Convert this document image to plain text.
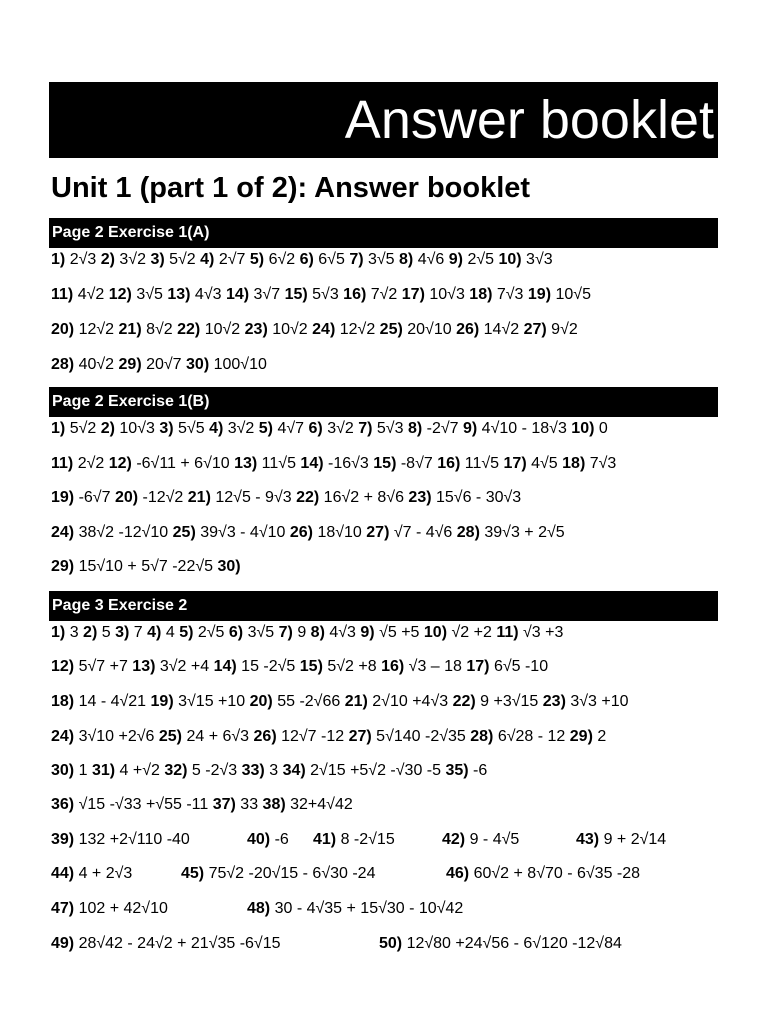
Answer booklet
Unit 1 (part 1 of 2): Answer booklet
Page 2 Exercise 1(A)
1) 2√3 2) 3√2 3) 5√2 4) 2√7 5) 6√2 6) 6√5 7) 3√5 8) 4√6 9) 2√5 10) 3√3
11) 4√2 12) 3√5 13) 4√3 14) 3√7 15) 5√3 16) 7√2 17) 10√3 18) 7√3 19) 10√5
20) 12√2 21) 8√2 22) 10√2 23) 10√2 24) 12√2 25) 20√10 26) 14√2 27) 9√2
28) 40√2 29) 20√7 30) 100√10
Page 2 Exercise 1(B)
1) 5√2 2) 10√3 3) 5√5 4) 3√2 5) 4√7 6) 3√2 7) 5√3 8) -2√7 9) 4√10 - 18√3 10) 0
11) 2√2 12) -6√11 + 6√10 13) 11√5 14) -16√3 15) -8√7 16) 11√5 17) 4√5 18) 7√3
19) -6√7 20) -12√2 21) 12√5 - 9√3 22) 16√2 + 8√6 23) 15√6 - 30√3
24) 38√2 -12√10 25) 39√3 - 4√10 26) 18√10 27) √7 - 4√6 28) 39√3 + 2√5
29) 15√10 + 5√7 -22√5 30)
Page 3 Exercise 2
1) 3 2) 5 3) 7 4) 4 5) 2√5 6) 3√5 7) 9 8) 4√3 9) √5 +5 10) √2 +2 11) √3 +3
12) 5√7 +7 13) 3√2 +4 14) 15 -2√5 15) 5√2 +8 16) √3 – 18 17) 6√5 -10
18) 14 - 4√21 19) 3√15 +10 20) 55 -2√66 21) 2√10 +4√3 22) 9 +3√15 23) 3√3 +10
24) 3√10 +2√6 25) 24 + 6√3 26) 12√7 -12 27) 5√140 -2√35 28) 6√28 - 12 29) 2
30) 1 31) 4 +√2 32) 5 -2√3 33) 3 34) 2√15 +5√2 -√30 -5 35) -6
36) √15 -√33 +√55 -11 37) 33 38) 32+4√42
39) 132 +2√110 -40	40) -6 41) 8 -2√15	42) 9 - 4√5	43) 9 + 2√14
44) 4 + 2√3	45) 75√2 -20√15 - 6√30 -24	46) 60√2 + 8√70 - 6√35 -28
47) 102 + 42√10	48) 30 - 4√35 + 15√30 - 10√42
49) 28√42 - 24√2 + 21√35 -6√15	50) 12√80 +24√56 - 6√120 -12√84
